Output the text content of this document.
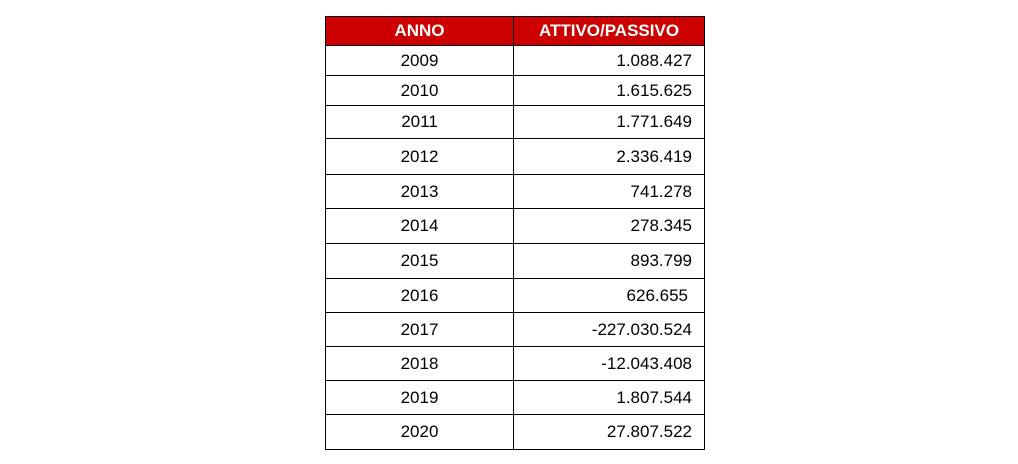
ANNO	ATTIVO/PASSIVO
2009	1.088.427
2010	1.615.625
2011	1.771.649
2012	2.336.419
2013	741.278
2014	278.345
2015	893.799
2016	626.655
2017	-227.030.524
2018	-12.043.408
2019	1.807.544
2020	27.807.522
